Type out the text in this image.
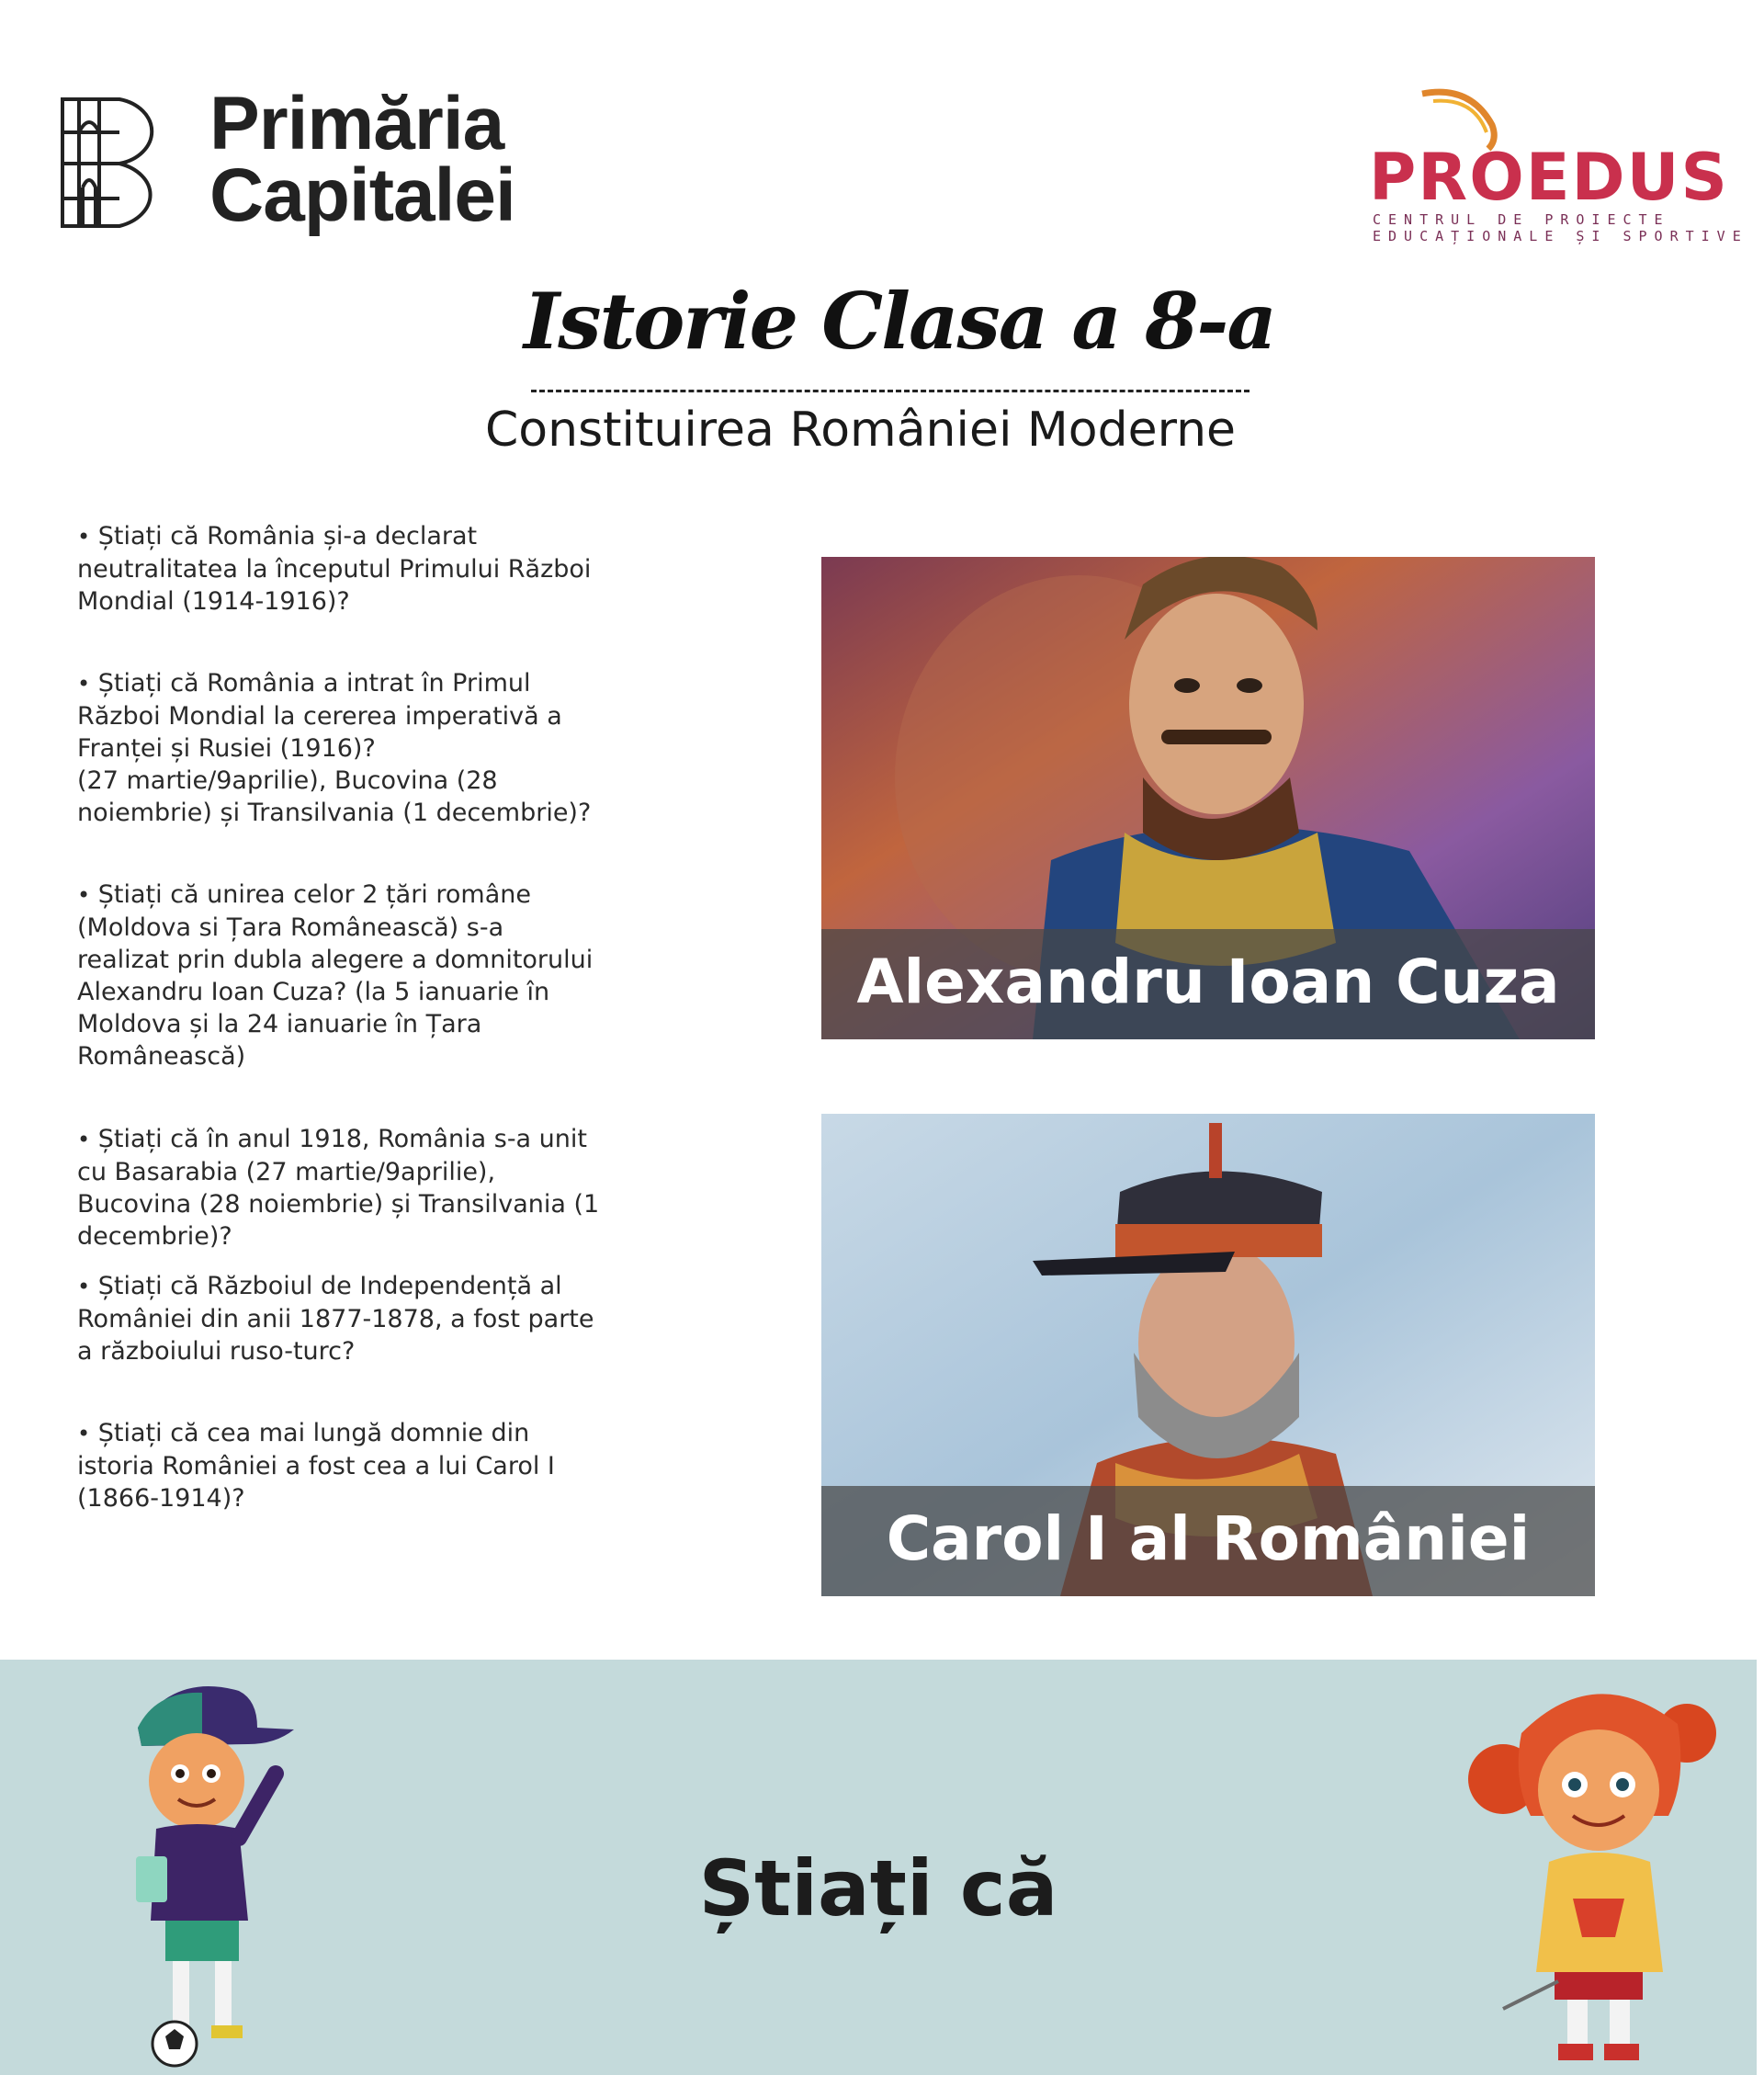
Primăria
Capitalei	PROEDUS
CENTRUL DE PROIECTE
EDUCAȚIONALE ȘI SPORTIVE
Istorie Clasa a 8-a
Constituirea României Moderne
• Știați că România și-a declarat
neutralitatea la începutul Primului Război
Mondial (1914-1916)?
• Știați că România a intrat în Primul
Război Mondial la cererea imperativă a
Franței și Rusiei (1916)?
(27 martie/9aprilie), Bucovina (28
noiembrie) și Transilvania (1 decembrie)?
• Știați că unirea celor 2 țări române
(Moldova si Țara Românească) s-a
realizat prin dubla alegere a domnitorului
Alexandru Ioan Cuza? (la 5 ianuarie în
Moldova și la 24 ianuarie în Țara
Românească)
• Știați că în anul 1918, România s-a unit
cu Basarabia (27 martie/9aprilie),
Bucovina (28 noiembrie) și Transilvania (1
decembrie)?
• Știați că Războiul de Independență al
României din anii 1877-1878, a fost parte
a războiului ruso-turc?
• Știați că cea mai lungă domnie din
istoria României a fost cea a lui Carol I
(1866-1914)?
Alexandru Ioan Cuza
Carol I al României
Știați că
